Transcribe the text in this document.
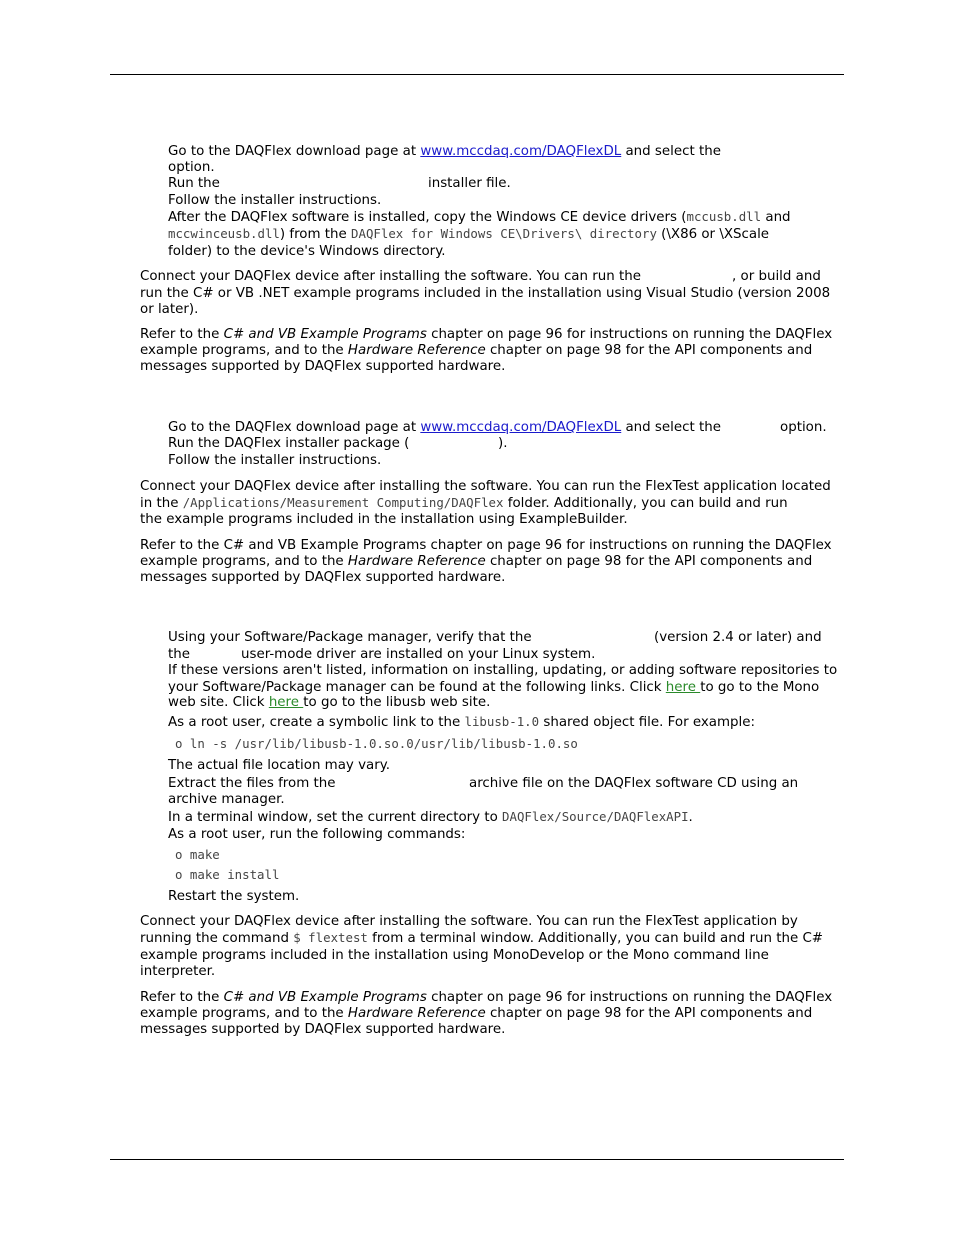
Go to the DAQFlex download page at www.mccdaq.com/DAQFlexDL and select the
option.
Run the	installer file.
Follow the installer instructions.
After the DAQFlex software is installed, copy the Windows CE device drivers (mccusb.dll and
mccwinceusb.dll) from the DAQFlex for Windows CE\Drivers\ directory (\X86 or \XScale
folder) to the device's Windows directory.
Connect your DAQFlex device after installing the software. You can run the	, or build and
run the C# or VB .NET example programs included in the installation using Visual Studio (version 2008
or later).
Refer to the C# and VB Example Programs chapter on page 96 for instructions on running the DAQFlex
example programs, and to the Hardware Reference chapter on page 98 for the API components and
messages supported by DAQFlex supported hardware.
Go to the DAQFlex download page at www.mccdaq.com/DAQFlexDL and select the	option.
Run the DAQFlex installer package (	).
Follow the installer instructions.
Connect your DAQFlex device after installing the software. You can run the FlexTest application located
in the /Applications/Measurement Computing/DAQFlex folder. Additionally, you can build and run
the example programs included in the installation using ExampleBuilder.
Refer to the C# and VB Example Programs chapter on page 96 for instructions on running the DAQFlex
example programs, and to the Hardware Reference chapter on page 98 for the API components and
messages supported by DAQFlex supported hardware.
Using your Software/Package manager, verify that the	(version 2.4 or later) and
the	user-mode driver are installed on your Linux system.
If these versions aren't listed, information on installing, updating, or adding software repositories to
your Software/Package manager can be found at the following links. Click here to go to the Mono
web site. Click here to go to the libusb web site.
As a root user, create a symbolic link to the libusb-1.0 shared object file. For example:
o ln -s /usr/lib/libusb-1.0.so.0/usr/lib/libusb-1.0.so
The actual file location may vary.
Extract the files from the	archive file on the DAQFlex software CD using an
archive manager.
In a terminal window, set the current directory to DAQFlex/Source/DAQFlexAPI.
As a root user, run the following commands:
o make
o make install
Restart the system.
Connect your DAQFlex device after installing the software. You can run the FlexTest application by
running the command $ flextest from a terminal window. Additionally, you can build and run the C#
example programs included in the installation using MonoDevelop or the Mono command line
interpreter.
Refer to the C# and VB Example Programs chapter on page 96 for instructions on running the DAQFlex
example programs, and to the Hardware Reference chapter on page 98 for the API components and
messages supported by DAQFlex supported hardware.
